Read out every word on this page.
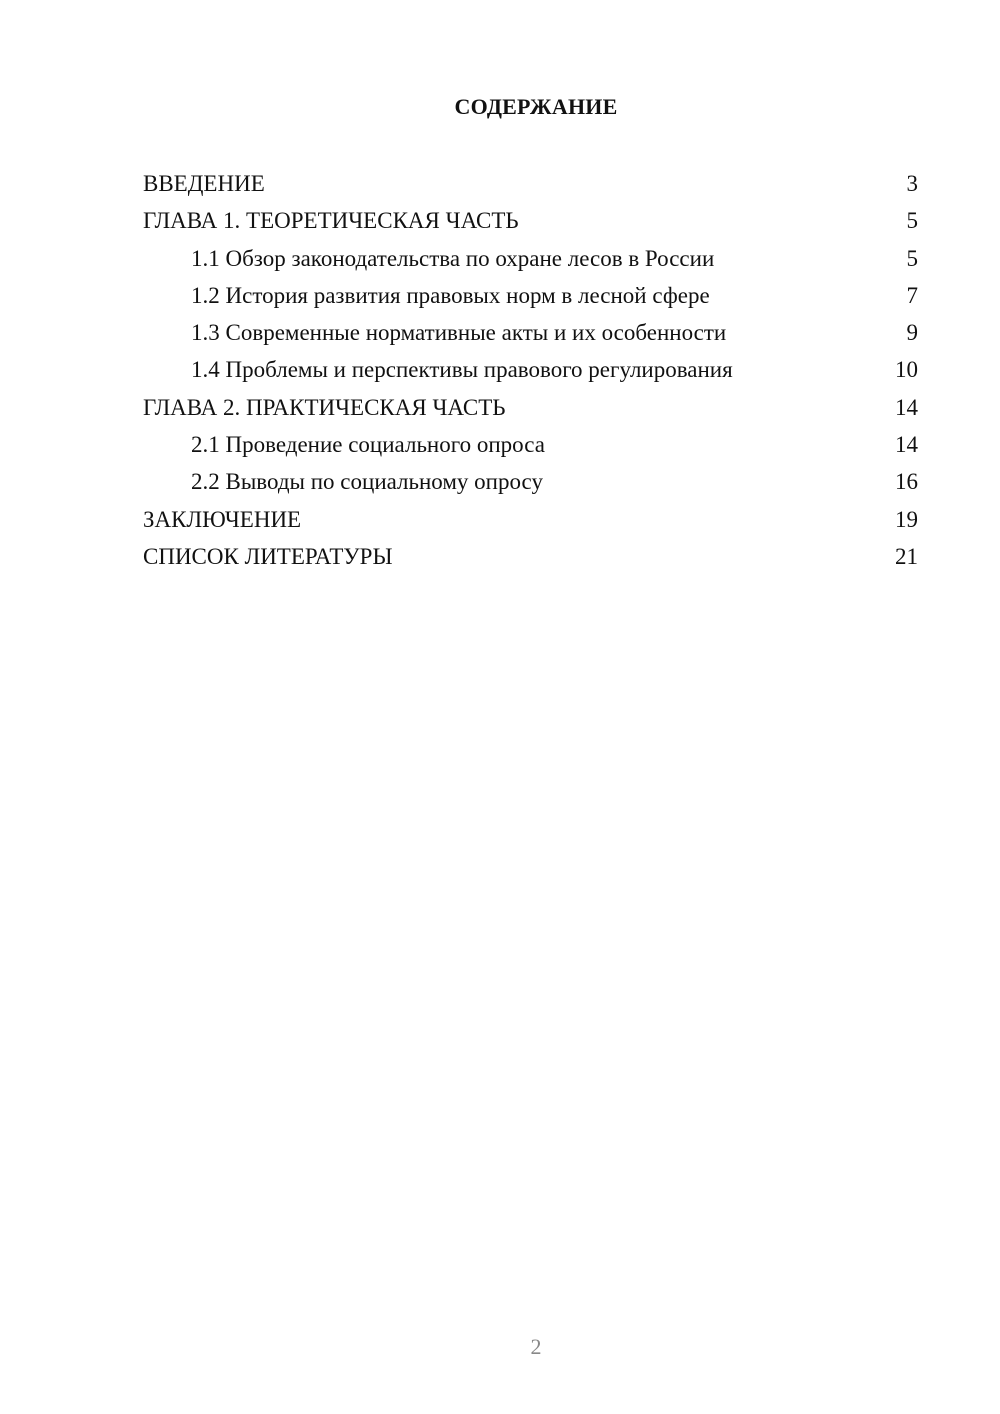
СОДЕРЖАНИЕ
ВВЕДЕНИЕ	3
ГЛАВА 1. ТЕОРЕТИЧЕСКАЯ ЧАСТЬ	5
1.1 Обзор законодательства по охране лесов в России	5
1.2 История развития правовых норм в лесной сфере	7
1.3 Современные нормативные акты и их особенности	9
1.4 Проблемы и перспективы правового регулирования	10
ГЛАВА 2. ПРАКТИЧЕСКАЯ ЧАСТЬ	14
2.1 Проведение социального опроса	14
2.2 Выводы по социальному опросу	16
ЗАКЛЮЧЕНИЕ	19
СПИСОК ЛИТЕРАТУРЫ	21
2
